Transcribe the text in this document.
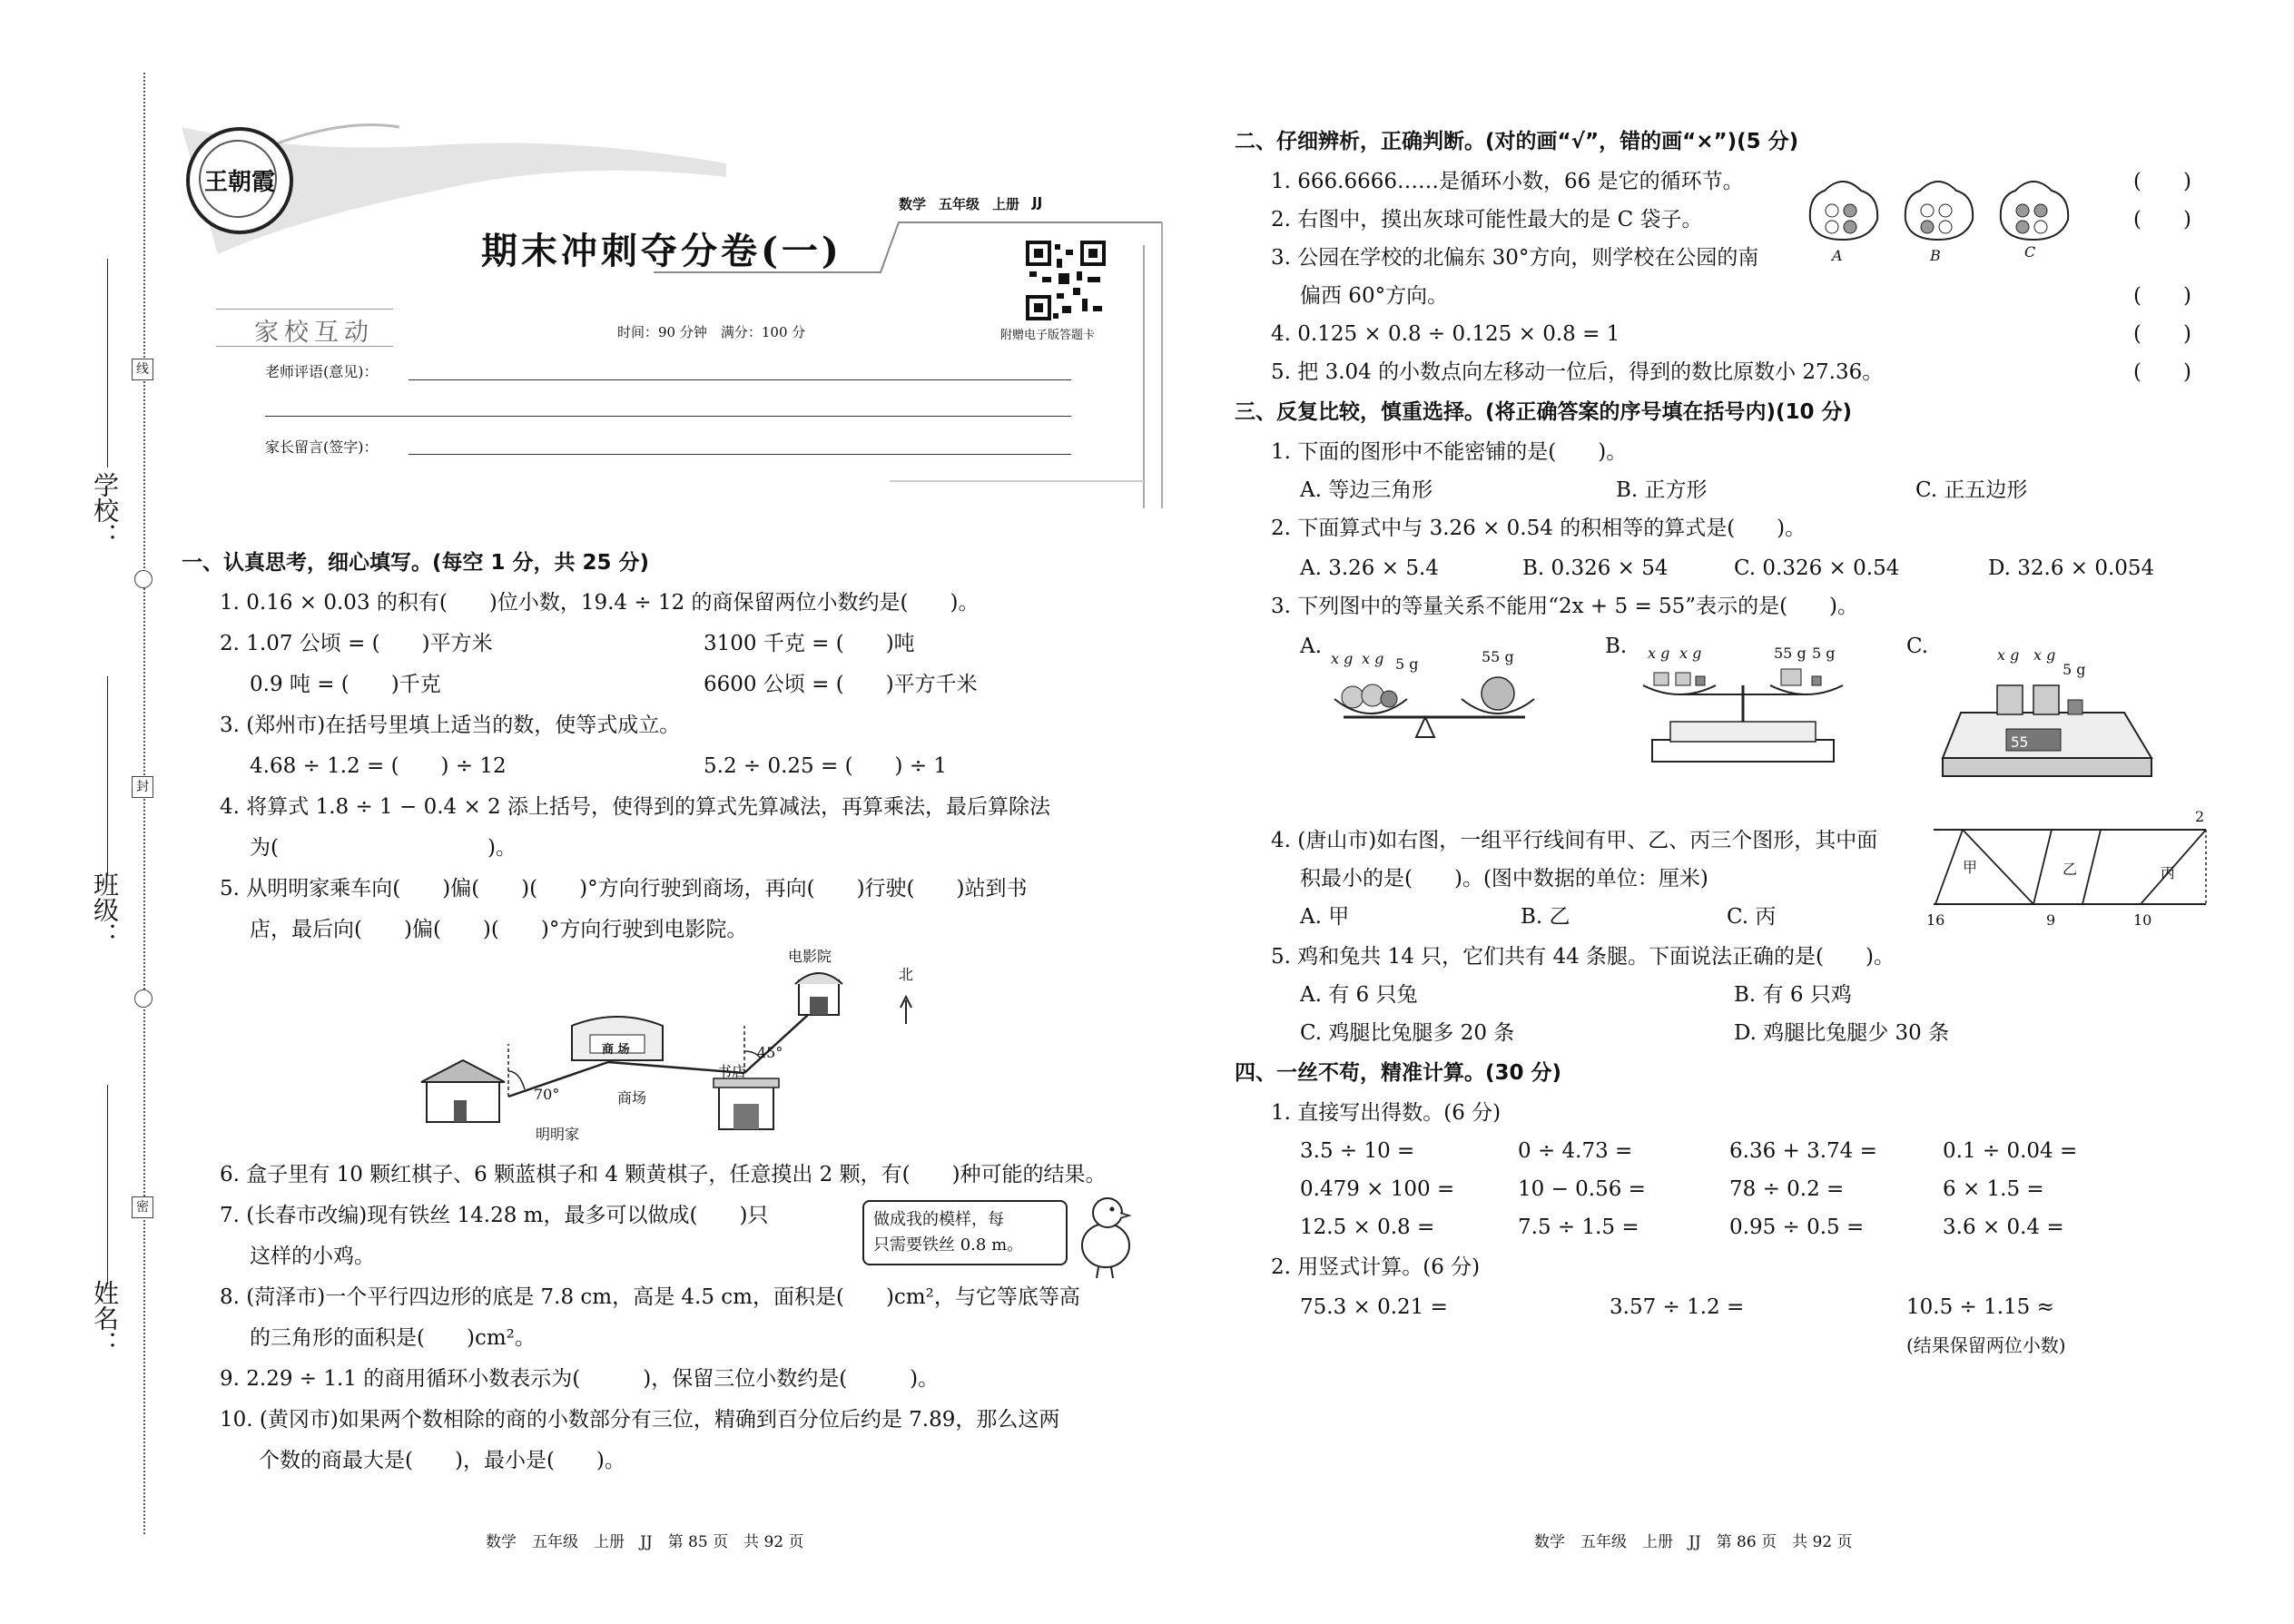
学校：
班级：
姓名：
线
封
密
王朝霞
期末冲刺夺分卷(一)
数学 五年级 上册 JJ
附赠电子版答题卡
家校互动	时间：90 分钟　满分：100 分
老师评语(意见)：
家长留言(签字)：
一、认真思考，细心填写。(每空 1 分，共 25 分)
1. 0.16 × 0.03 的积有(　　)位小数，19.4 ÷ 12 的商保留两位小数约是(　　)。
2. 1.07 公顷 = (　　)平方米	3100 千克 = (　　)吨
0.9 吨 = (　　)千克	6600 公顷 = (　　)平方千米
3. (郑州市)在括号里填上适当的数，使等式成立。
4.68 ÷ 1.2 = (　　) ÷ 12	5.2 ÷ 0.25 = (　　) ÷ 1
4. 将算式 1.8 ÷ 1 − 0.4 × 2 添上括号，使得到的算式先算减法，再算乘法，最后算除法
为(　　　　　　　　　　)。
5. 从明明家乘车向(　　)偏(　　)(　　)°方向行驶到商场，再向(　　)行驶(　　)站到书
店，最后向(　　)偏(　　)(　　)°方向行驶到电影院。
电影院
北
商 场
商场
书店
明明家
70°
45°
6. 盒子里有 10 颗红棋子、6 颗蓝棋子和 4 颗黄棋子，任意摸出 2 颗，有(　　)种可能的结果。
7. (长春市改编)现有铁丝 14.28 m，最多可以做成(　　)只
这样的小鸡。
做成我的模样，每
只需要铁丝 0.8 m。
8. (菏泽市)一个平行四边形的底是 7.8 cm，高是 4.5 cm，面积是(　　)cm²，与它等底等高
的三角形的面积是(　　)cm²。
9. 2.29 ÷ 1.1 的商用循环小数表示为(　　　)，保留三位小数约是(　　　)。
10. (黄冈市)如果两个数相除的商的小数部分有三位，精确到百分位后约是 7.89，那么这两
个数的商最大是(　　)，最小是(　　)。
数学　五年级　上册　JJ　第 85 页　共 92 页
二、仔细辨析，正确判断。(对的画“√”，错的画“×”)(5 分)
1. 666.6666……是循环小数，66 是它的循环节。
2. 右图中，摸出灰球可能性最大的是 C 袋子。
3. 公园在学校的北偏东 30°方向，则学校在公园的南
偏西 60°方向。
4. 0.125 × 0.8 ÷ 0.125 × 0.8 = 1
5. 把 3.04 的小数点向左移动一位后，得到的数比原数小 27.36。
(　　)
(　　)
(　　)
(　　)
(　　)
A	B	C
三、反复比较，慎重选择。(将正确答案的序号填在括号内)(10 分)
1. 下面的图形中不能密铺的是(　　)。
A. 等边三角形	B. 正方形	C. 正五边形
2. 下面算式中与 3.26 × 0.54 的积相等的算式是(　　)。
A. 3.26 × 5.4	B. 0.326 × 54	C. 0.326 × 0.54	D. 32.6 × 0.054
3. 下列图中的等量关系不能用“2x + 5 = 55”表示的是(　　)。
A.	B.	C.
x g x g 5 g	55 g	x g x g	55 g 5 g
55
x g x g
5 g
4. (唐山市)如右图，一组平行线间有甲、乙、丙三个图形，其中面
积最小的是(　　)。(图中数据的单位：厘米)
2
甲	乙	丙
16	9	10
A. 甲	B. 乙	C. 丙
5. 鸡和兔共 14 只，它们共有 44 条腿。下面说法正确的是(　　)。
A. 有 6 只兔	B. 有 6 只鸡
C. 鸡腿比兔腿多 20 条	D. 鸡腿比兔腿少 30 条
四、一丝不苟，精准计算。(30 分)
1. 直接写出得数。(6 分)
3.5 ÷ 10 =	0 ÷ 4.73 =	6.36 + 3.74 =	0.1 ÷ 0.04 =
0.479 × 100 =	10 − 0.56 =	78 ÷ 0.2 =	6 × 1.5 =
12.5 × 0.8 =	7.5 ÷ 1.5 =	0.95 ÷ 0.5 =	3.6 × 0.4 =
2. 用竖式计算。(6 分)
75.3 × 0.21 =	3.57 ÷ 1.2 =	10.5 ÷ 1.15 ≈
(结果保留两位小数)
数学　五年级　上册　JJ　第 86 页　共 92 页
